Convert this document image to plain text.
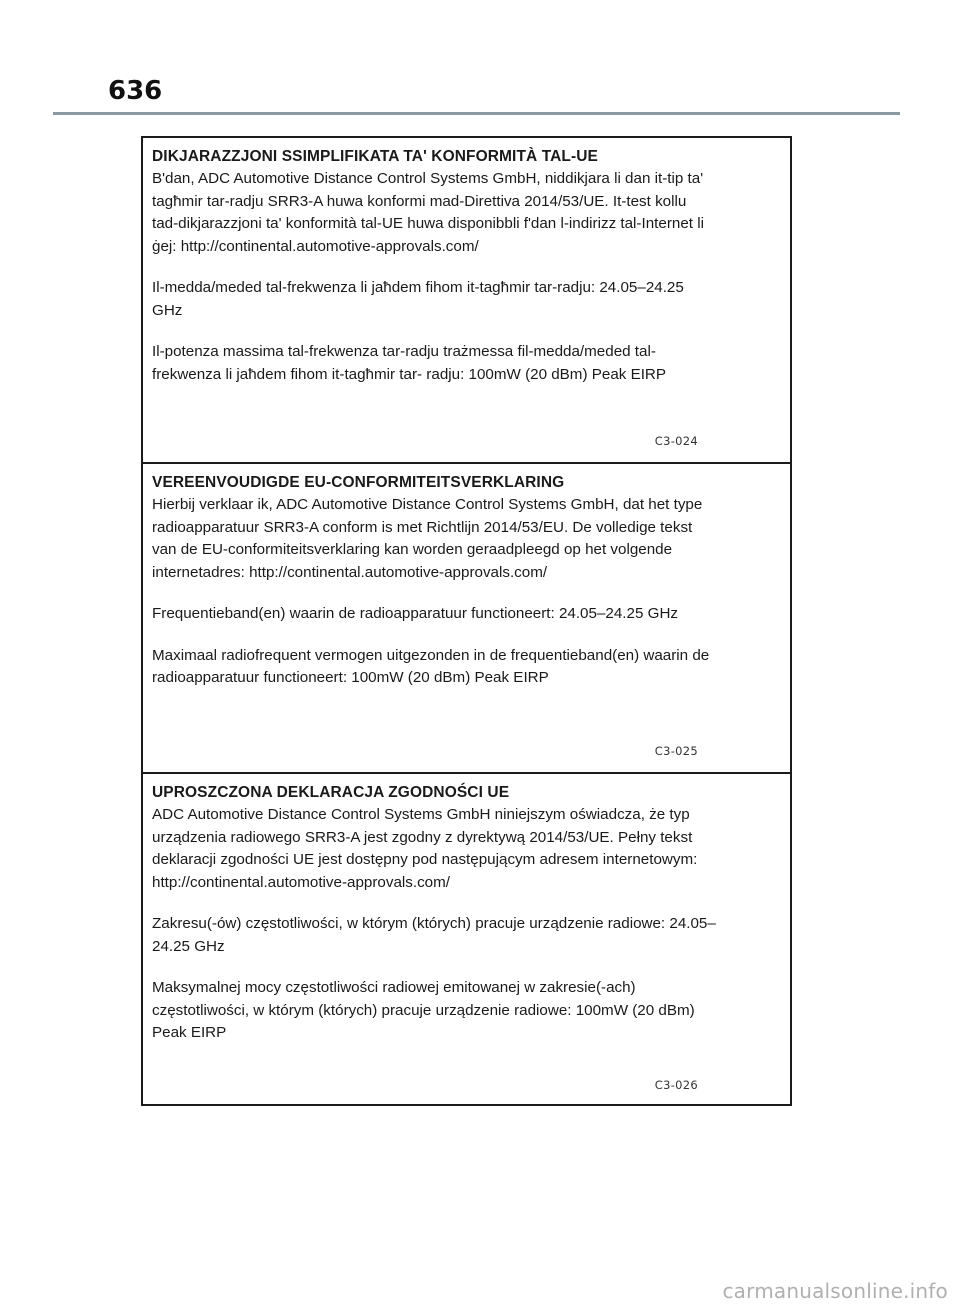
636

DIKJARAZZJONI SSIMPLIFIKATA TA' KONFORMITÀ TAL-UE

B'dan, ADC Automotive Distance Control Systems GmbH, niddikjara li dan it-tip ta' tagħmir tar-radju SRR3-A huwa konformi mad-Direttiva 2014/53/UE. It-test kollu tad-dikjarazzjoni ta' konformità tal-UE huwa disponibbli f'dan l-indirizz tal-Internet li ġej: http://continental.automotive-approvals.com/

Il-medda/meded tal-frekwenza li jaħdem fihom it-tagħmir tar-radju: 24.05–24.25 GHz

Il-potenza massima tal-frekwenza tar-radju trażmessa fil-medda/meded tal-frekwenza li jaħdem fihom it-tagħmir tar- radju: 100mW (20 dBm) Peak EIRP

C3-024

VEREENVOUDIGDE EU-CONFORMITEITSVERKLARING

Hierbij verklaar ik, ADC Automotive Distance Control Systems GmbH, dat het type radioapparatuur SRR3-A conform is met Richtlijn 2014/53/EU. De volledige tekst van de EU-conformiteitsverklaring kan worden geraadpleegd op het volgende internetadres: http://continental.automotive-approvals.com/

Frequentieband(en) waarin de radioapparatuur functioneert: 24.05–24.25 GHz

Maximaal radiofrequent vermogen uitgezonden in de frequentieband(en) waarin de radioapparatuur functioneert: 100mW (20 dBm) Peak EIRP

C3-025

UPROSZCZONA DEKLARACJA ZGODNOŚCI UE

ADC Automotive Distance Control Systems GmbH niniejszym oświadcza, że typ urządzenia radiowego SRR3-A jest zgodny z dyrektywą 2014/53/UE. Pełny tekst deklaracji zgodności UE jest dostępny pod następującym adresem internetowym: http://continental.automotive-approvals.com/

Zakresu(-ów) częstotliwości, w którym (których) pracuje urządzenie radiowe: 24.05–24.25 GHz

Maksymalnej mocy częstotliwości radiowej emitowanej w zakresie(-ach) częstotliwości, w którym (których) pracuje urządzenie radiowe: 100mW (20 dBm) Peak EIRP

C3-026
carmanualsonline.info
